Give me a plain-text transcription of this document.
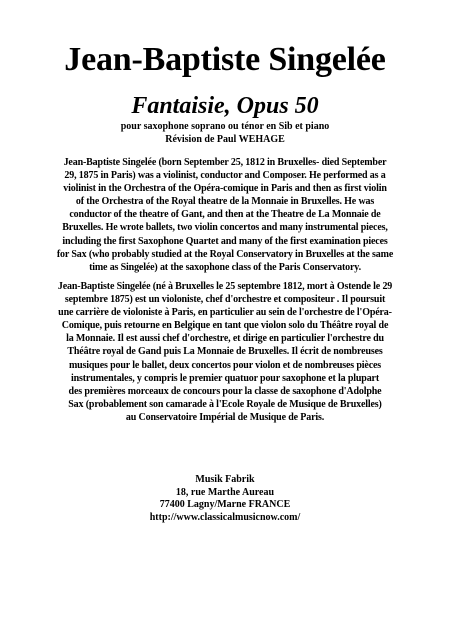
Jean-Baptiste Singelée
Fantaisie, Opus 50
pour saxophone soprano ou ténor en Sib et piano
Révision de Paul WEHAGE
Jean-Baptiste Singelée (born September 25, 1812 in Bruxelles- died September
29, 1875 in Paris) was a violinist, conductor and Composer. He performed as a
violinist in the Orchestra of the Opéra-comique in Paris and then as first violin
of the Orchestra of the Royal theatre de la Monnaie in Bruxelles. He was
conductor of the theatre of Gant, and then at the Theatre de La Monnaie de
Bruxelles. He wrote ballets, two violin concertos and many instrumental pieces,
including the first Saxophone Quartet and many of the first examination pieces
for Sax (who probably studied at the Royal Conservatory in Bruxelles at the same
time as Singelée) at the saxophone class of the Paris Conservatory.
Jean-Baptiste Singelée (né à Bruxelles le 25 septembre 1812, mort à Ostende le 29
septembre 1875) est un violoniste, chef d'orchestre et compositeur . Il poursuit
une carrière de violoniste à Paris, en particulier au sein de l'orchestre de l'Opéra-
Comique, puis retourne en Belgique en tant que violon solo du Théâtre royal de
la Monnaie. Il est aussi chef d'orchestre, et dirige en particulier l'orchestre du
Théâtre royal de Gand puis La Monnaie de Bruxelles. Il écrit de nombreuses
musiques pour le ballet, deux concertos pour violon et de nombreuses pièces
instrumentales, y compris le premier quatuor pour saxophone et la plupart
des premières morceaux de concours pour la classe de saxophone d'Adolphe
Sax (probablement son camarade à l'Ecole Royale de Musique de Bruxelles)
au Conservatoire Impérial de Musique de Paris.
Musik Fabrik
18, rue Marthe Aureau
77400 Lagny/Marne FRANCE
http://www.classicalmusicnow.com/
